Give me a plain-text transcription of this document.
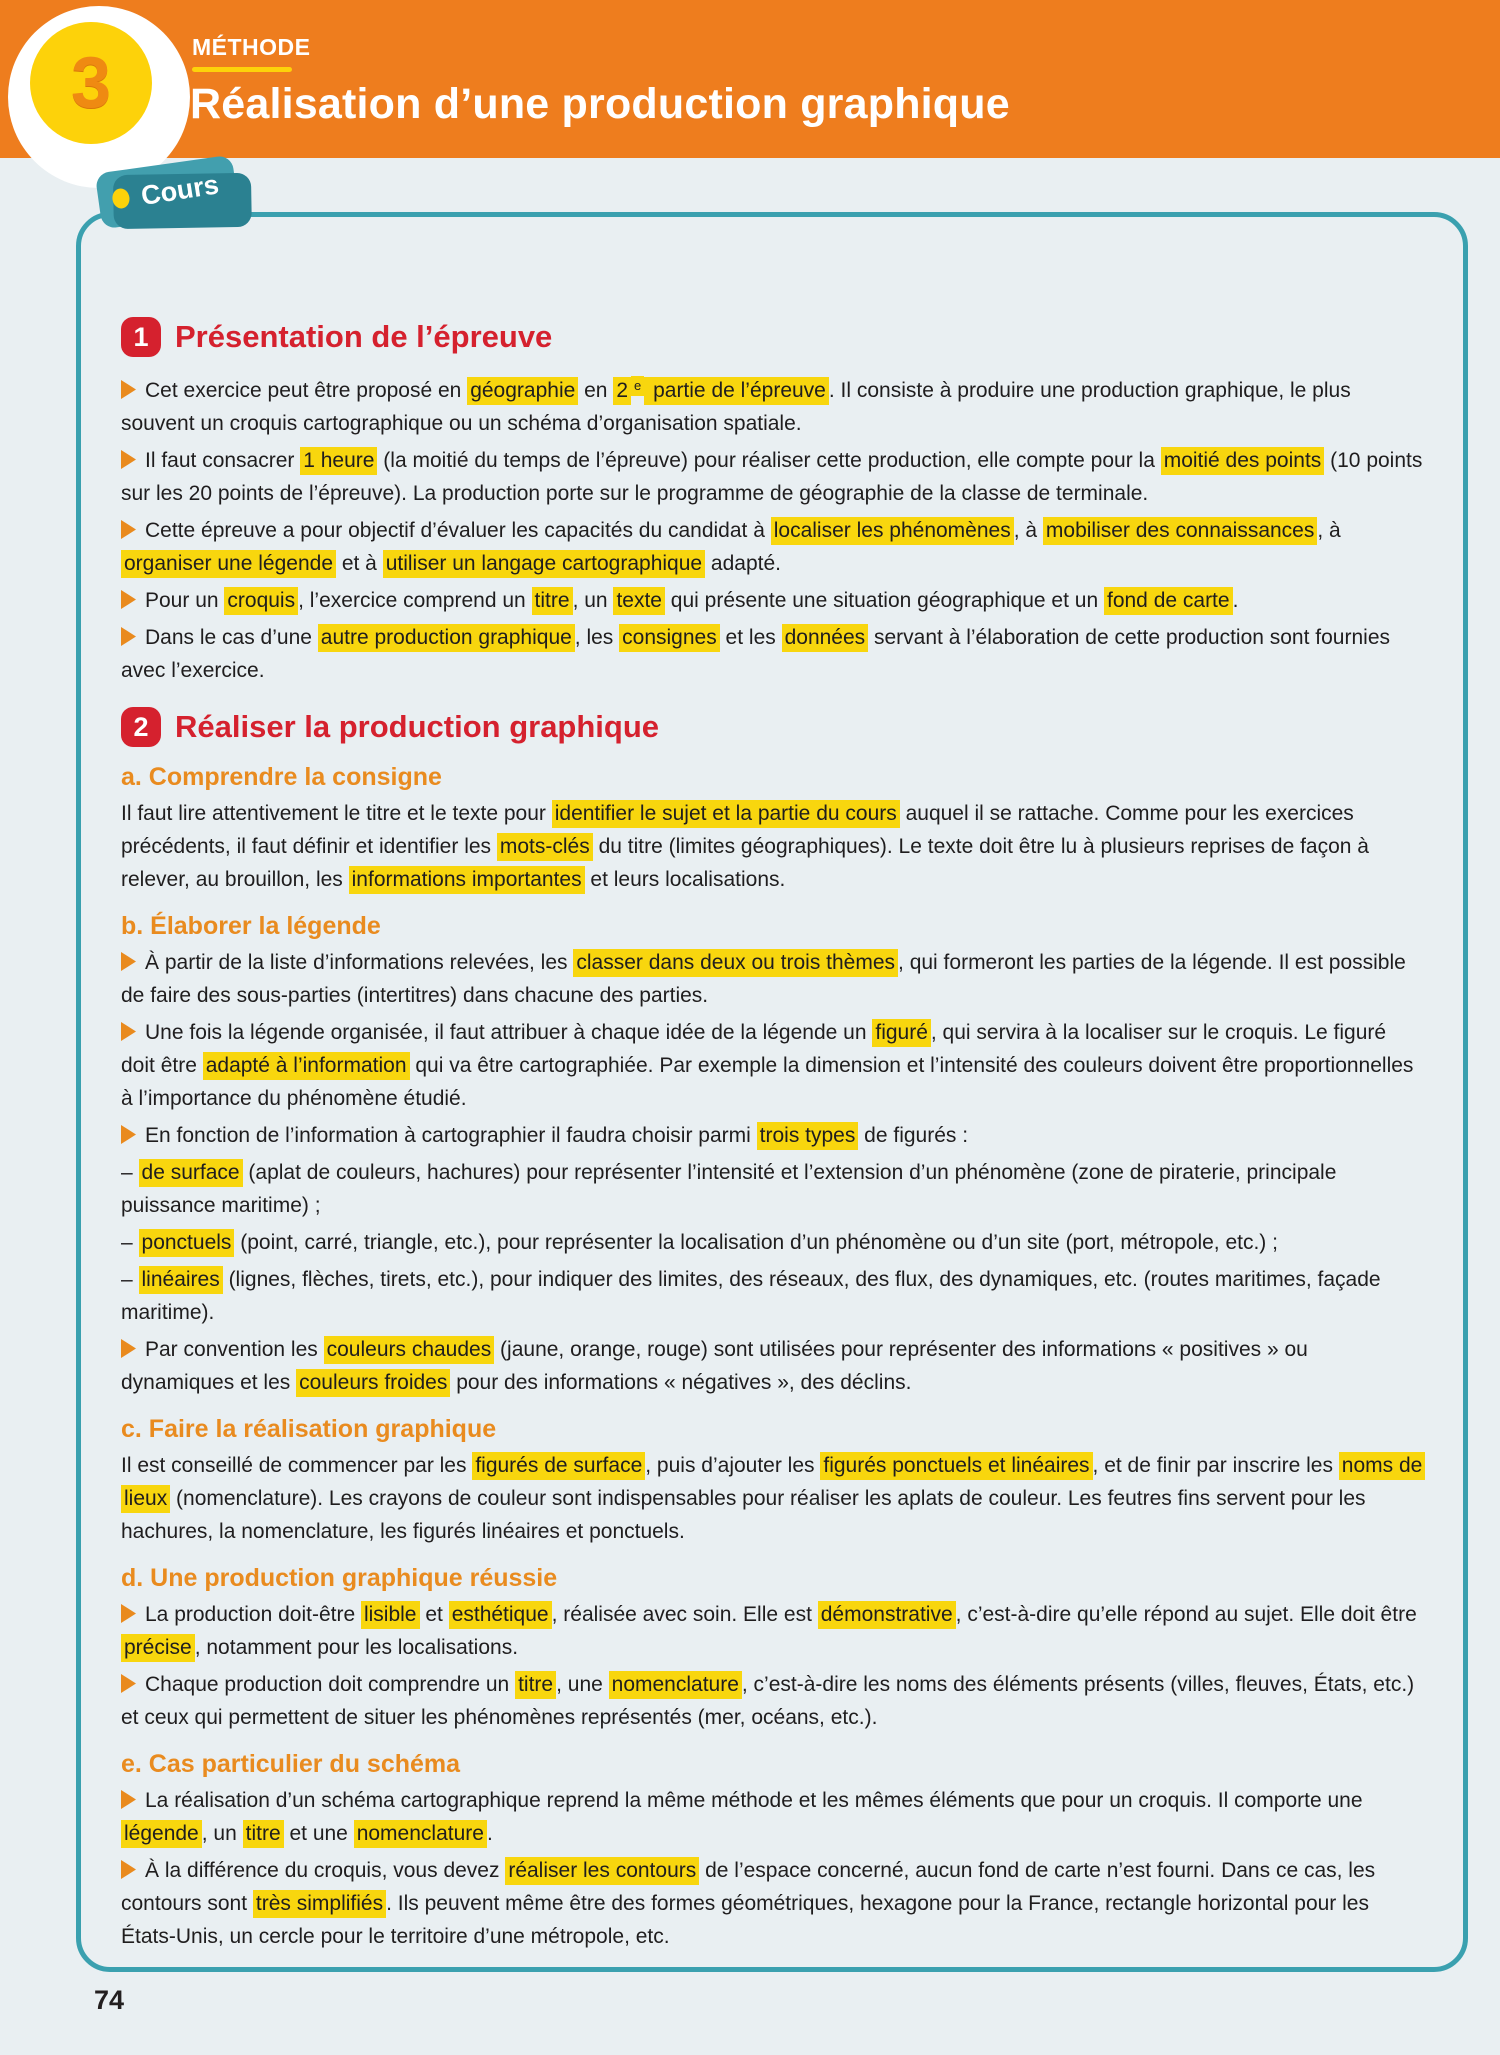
3	MÉTHODE
Réalisation d’une production graphique
Cours
1 Présentation de l’épreuve

Cet exercice peut être proposé en géographie en 2 $^e$ partie de l’épreuve . Il consiste à produire une production graphique, le plus souvent un croquis cartographique ou un schéma d’organisation spatiale.

Il faut consacrer 1 heure (la moitié du temps de l’épreuve) pour réaliser cette production, elle compte pour la moitié des points (10 points sur les 20 points de l’épreuve). La production porte sur le programme de géographie de la classe de terminale.

Cette épreuve a pour objectif d’évaluer les capacités du candidat à localiser les phénomènes , à mobiliser des connaissances , à organiser une légende et à utiliser un langage cartographique adapté.

Pour un croquis , l’exercice comprend un titre , un texte qui présente une situation géographique et un fond de carte .

Dans le cas d’une autre production graphique , les consignes et les données servant à l’élaboration de cette production sont fournies avec l’exercice.

2 Réaliser la production graphique
a. Comprendre la consigne

Il faut lire attentivement le titre et le texte pour identifier le sujet et la partie du cours auquel il se rattache. Comme pour les exercices précédents, il faut définir et identifier les mots-clés du titre (limites géographiques). Le texte doit être lu à plusieurs reprises de façon à relever, au brouillon, les informations importantes et leurs localisations.

b. Élaborer la légende

À partir de la liste d’informations relevées, les classer dans deux ou trois thèmes , qui formeront les parties de la légende. Il est possible de faire des sous-parties (intertitres) dans chacune des parties.

Une fois la légende organisée, il faut attribuer à chaque idée de la légende un figuré , qui servira à la localiser sur le croquis. Le figuré doit être adapté à l’information qui va être cartographiée. Par exemple la dimension et l’intensité des couleurs doivent être proportionnelles à l’importance du phénomène étudié.

En fonction de l’information à cartographier il faudra choisir parmi trois types de figurés :

– de surface (aplat de couleurs, hachures) pour représenter l’intensité et l’extension d’un phénomène (zone de piraterie, principale puissance maritime) ;

– ponctuels (point, carré, triangle, etc.), pour représenter la localisation d’un phénomène ou d’un site (port, métropole, etc.) ;

– linéaires (lignes, flèches, tirets, etc.), pour indiquer des limites, des réseaux, des flux, des dynamiques, etc. (routes maritimes, façade maritime).

Par convention les couleurs chaudes (jaune, orange, rouge) sont utilisées pour représenter des informations « positives » ou dynamiques et les couleurs froides pour des informations « négatives », des déclins.

c. Faire la réalisation graphique

Il est conseillé de commencer par les figurés de surface , puis d’ajouter les figurés ponctuels et linéaires , et de finir par inscrire les noms de lieux (nomenclature). Les crayons de couleur sont indispensables pour réaliser les aplats de couleur. Les feutres fins servent pour les hachures, la nomenclature, les figurés linéaires et ponctuels.

d. Une production graphique réussie

La production doit-être lisible et esthétique , réalisée avec soin. Elle est démonstrative , c’est-à-dire qu’elle répond au sujet. Elle doit être précise , notamment pour les localisations.

Chaque production doit comprendre un titre , une nomenclature , c’est-à-dire les noms des éléments présents (villes, fleuves, États, etc.) et ceux qui permettent de situer les phénomènes représentés (mer, océans, etc.).

e. Cas particulier du schéma

La réalisation d’un schéma cartographique reprend la même méthode et les mêmes éléments que pour un croquis. Il comporte une légende , un titre et une nomenclature .

À la différence du croquis, vous devez réaliser les contours de l’espace concerné, aucun fond de carte n’est fourni. Dans ce cas, les contours sont très simplifiés . Ils peuvent même être des formes géométriques, hexagone pour la France, rectangle horizontal pour les États-Unis, un cercle pour le territoire d’une métropole, etc.

74
